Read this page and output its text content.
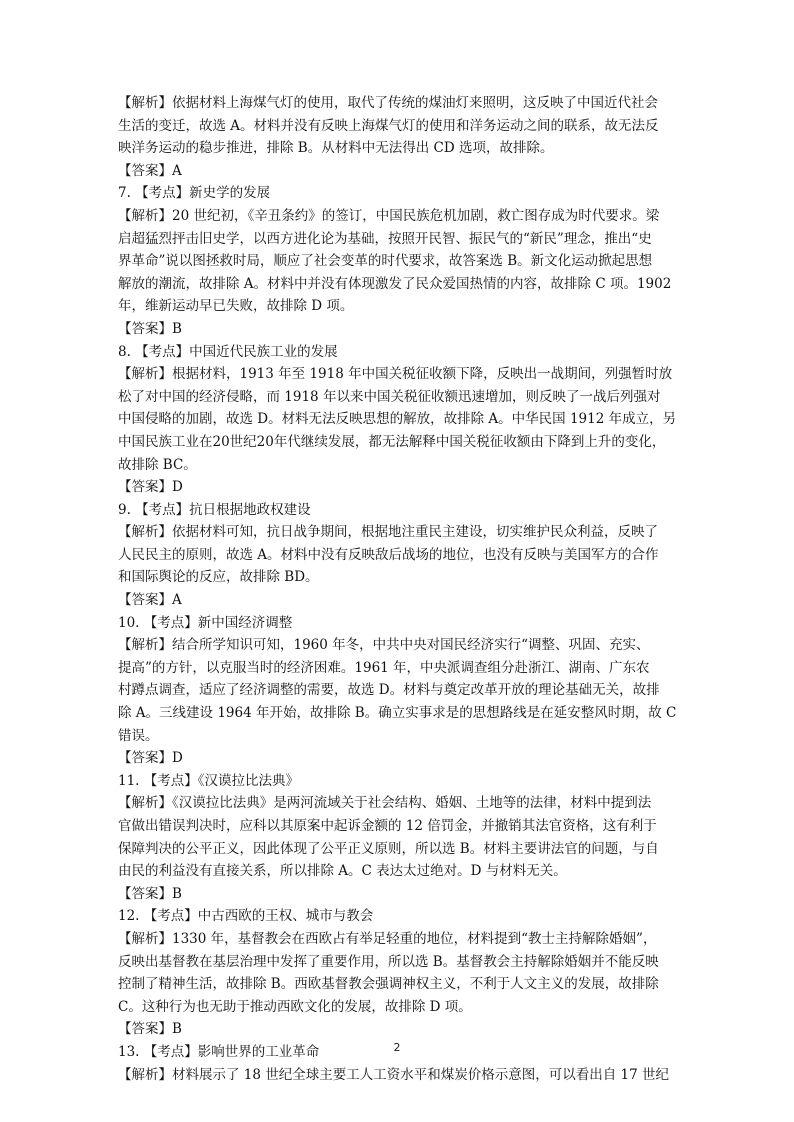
【解析】依据材料上海煤气灯的使用，取代了传统的煤油灯来照明，这反映了中国近代社会
生活的变迁，故选 A。材料并没有反映上海煤气灯的使用和洋务运动之间的联系，故无法反
映洋务运动的稳步推进，排除 B。从材料中无法得出 CD 选项，故排除。
【答案】A
7. 【考点】新史学的发展
【解析】20 世纪初，《辛丑条约》的签订，中国民族危机加剧，救亡图存成为时代要求。梁
启超猛烈抨击旧史学，以西方进化论为基础，按照开民智、振民气的“新民”理念，推出“史
界革命”说以图拯救时局，顺应了社会变革的时代要求，故答案选 B。新文化运动掀起思想
解放的潮流，故排除 A。材料中并没有体现激发了民众爱国热情的内容，故排除 C 项。1902
年，维新运动早已失败，故排除 D 项。
【答案】B
8. 【考点】中国近代民族工业的发展
【解析】根据材料，1913 年至 1918 年中国关税征收额下降，反映出一战期间，列强暂时放
松了对中国的经济侵略，而 1918 年以来中国关税征收额迅速增加，则反映了一战后列强对
中国侵略的加剧，故选 D。材料无法反映思想的解放，故排除 A。中华民国 1912 年成立，另
中国民族工业在20世纪20年代继续发展，都无法解释中国关税征收额由下降到上升的变化，
故排除 BC。
【答案】D
9. 【考点】抗日根据地政权建设
【解析】依据材料可知，抗日战争期间，根据地注重民主建设，切实维护民众利益，反映了
人民民主的原则，故选 A。材料中没有反映敌后战场的地位，也没有反映与美国军方的合作
和国际舆论的反应，故排除 BD。
【答案】A
10. 【考点】新中国经济调整
【解析】结合所学知识可知，1960 年冬，中共中央对国民经济实行“调整、巩固、充实、
提高”的方针，以克服当时的经济困难。1961 年，中央派调查组分赴浙江、湖南、广东农
村蹲点调查，适应了经济调整的需要，故选 D。材料与奠定改革开放的理论基础无关，故排
除 A。三线建设 1964 年开始，故排除 B。确立实事求是的思想路线是在延安整风时期，故 C
错误。
【答案】D
11. 【考点】《汉谟拉比法典》
【解析】《汉谟拉比法典》是两河流域关于社会结构、婚姻、土地等的法律，材料中提到法
官做出错误判决时，应科以其原案中起诉金额的 12 倍罚金，并撤销其法官资格，这有利于
保障判决的公平正义，因此体现了公平正义原则，所以选 B。材料主要讲法官的问题，与自
由民的利益没有直接关系，所以排除 A。C 表达太过绝对。D 与材料无关。
【答案】B
12. 【考点】中古西欧的王权、城市与教会
【解析】1330 年，基督教会在西欧占有举足轻重的地位，材料提到“教士主持解除婚姻”，
反映出基督教在基层治理中发挥了重要作用，所以选 B。基督教会主持解除婚姻并不能反映
控制了精神生活，故排除 B。西欧基督教会强调神权主义，不利于人文主义的发展，故排除
C。这种行为也无助于推动西欧文化的发展，故排除 D 项。
【答案】B
13. 【考点】影响世界的工业革命
【解析】材料展示了 18 世纪全球主要工人工资水平和煤炭价格示意图，可以看出自 17 世纪
2
